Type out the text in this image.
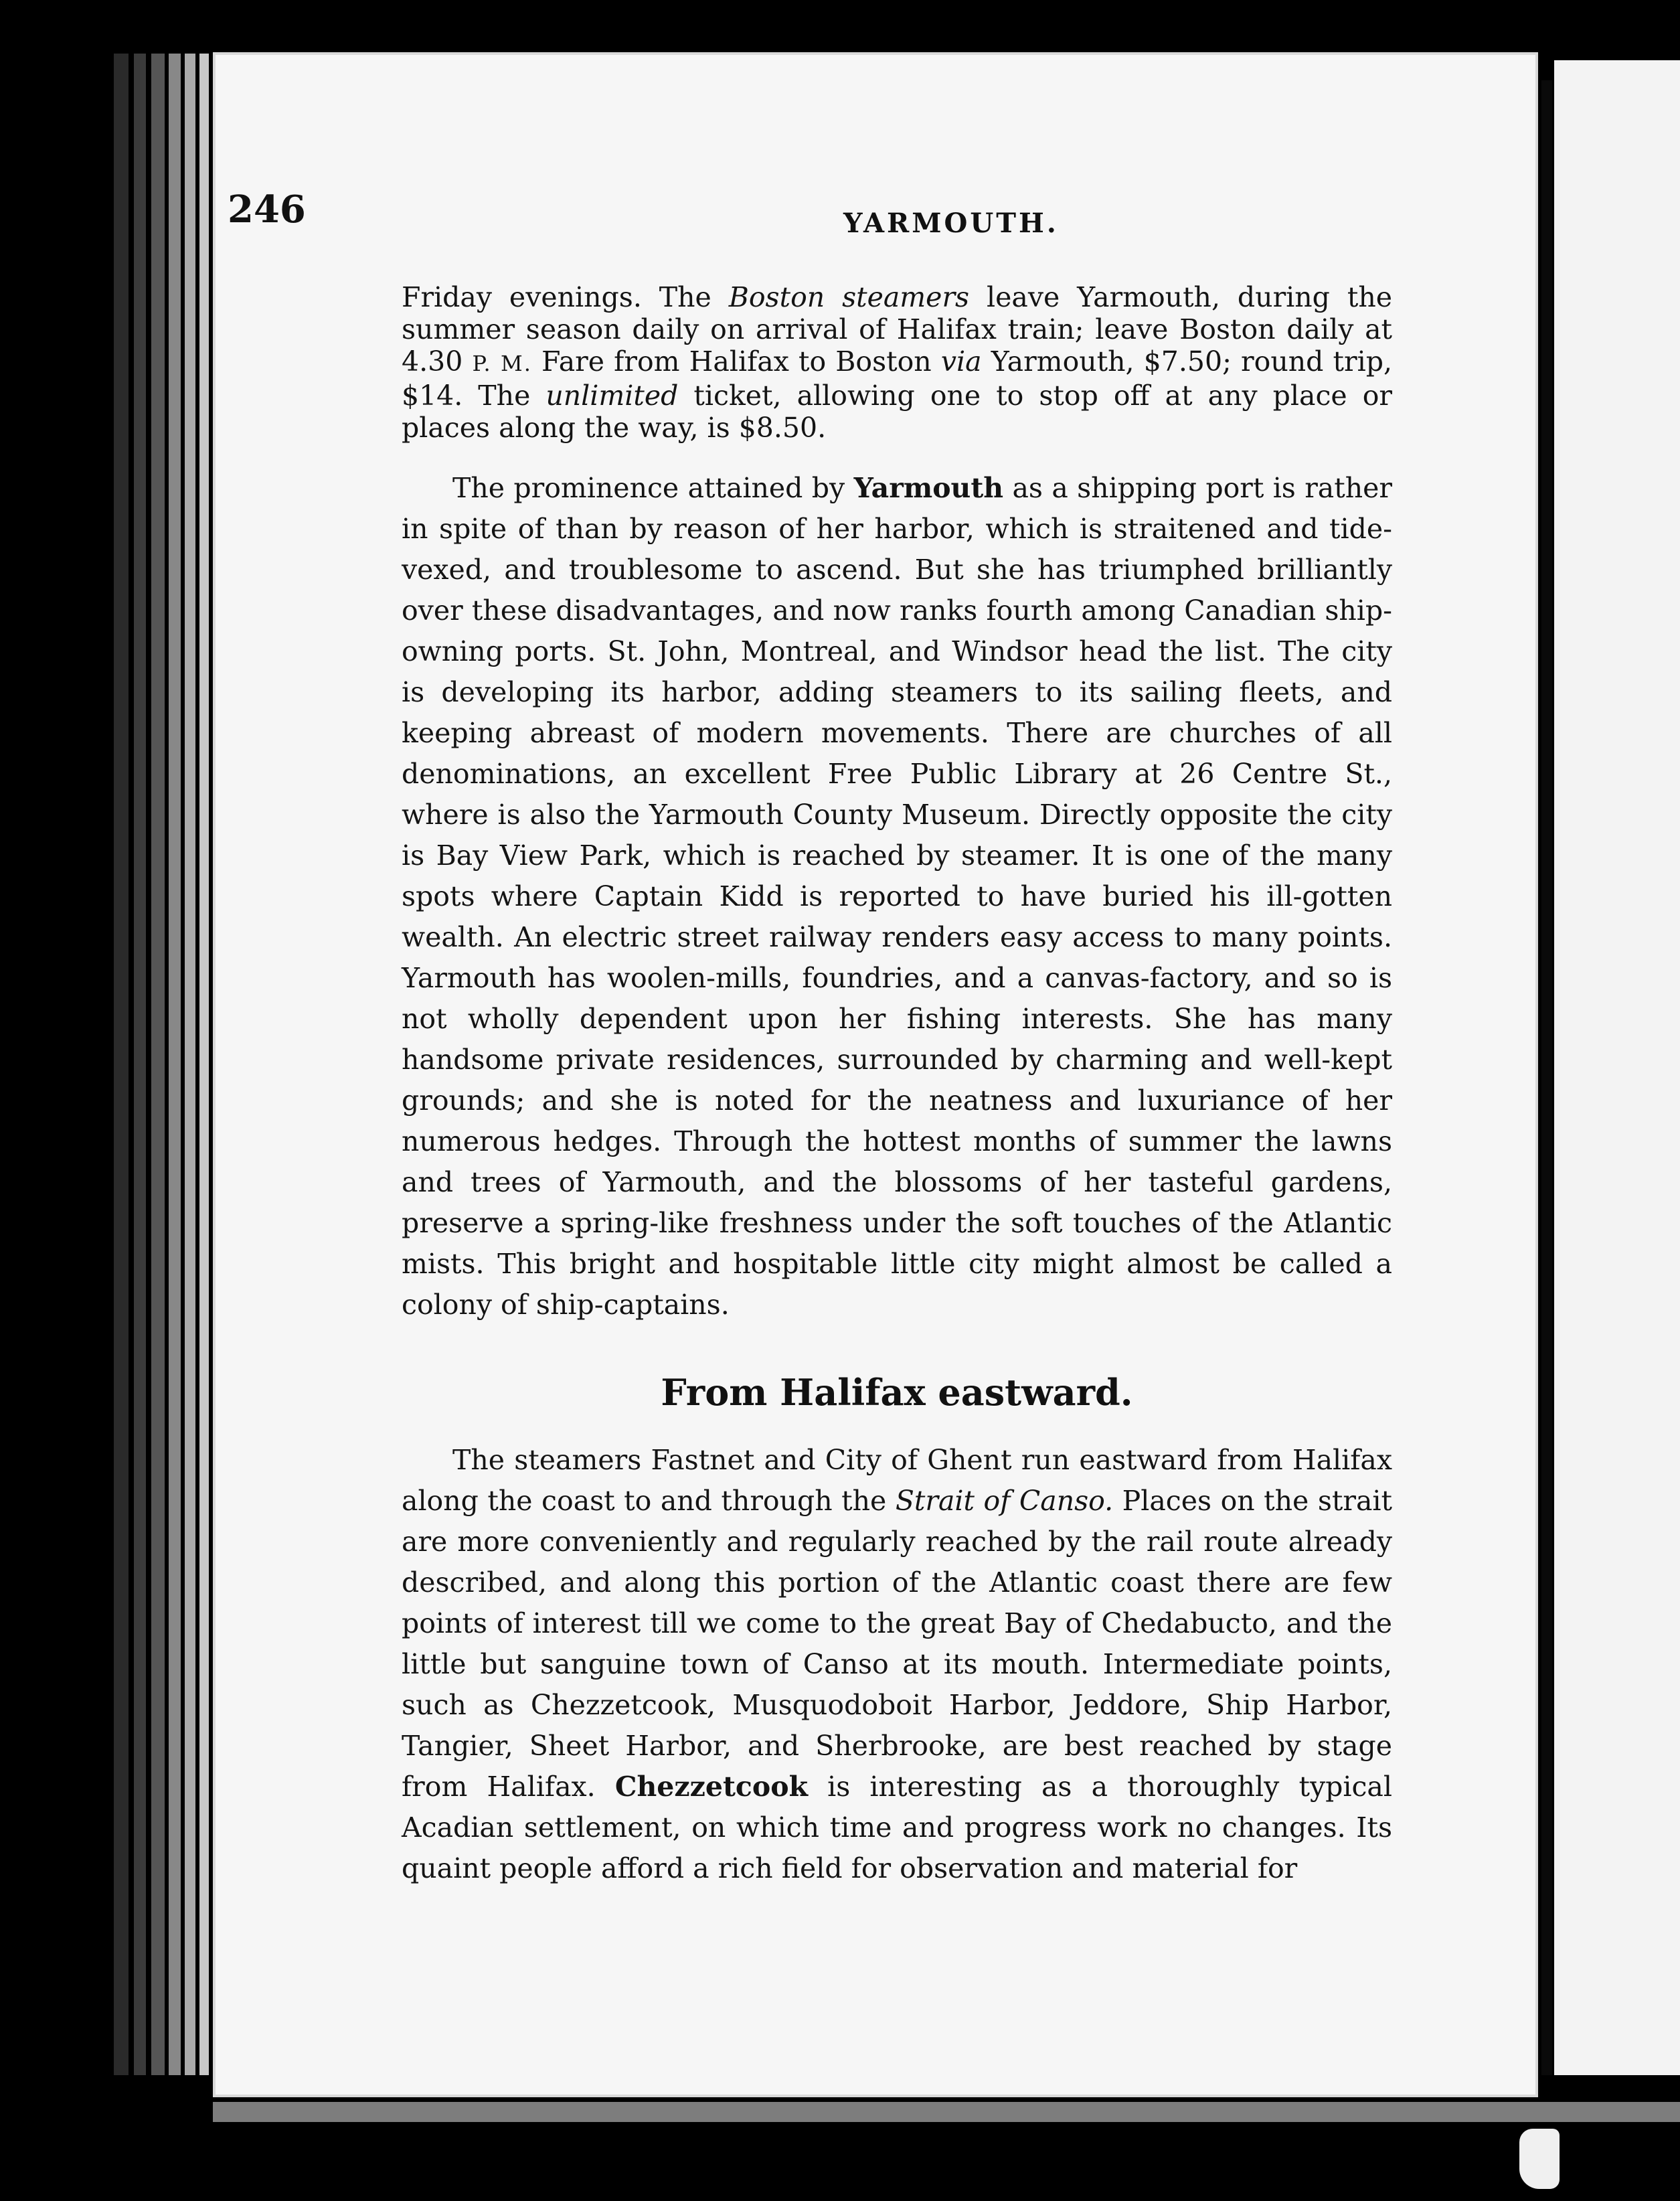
246	YARMOUTH.

Friday evenings. The Boston steamers leave Yarmouth, during the summer season daily on arrival of Halifax train; leave Boston daily at 4.30 P. M. Fare from Halifax to Boston via Yarmouth, $7.50; round trip, $14. The unlimited ticket, allowing one to stop off at any place or places along the way, is $8.50.

The prominence attained by Yarmouth as a shipping port is rather in spite of than by reason of her harbor, which is straitened and tide-vexed, and troublesome to ascend. But she has triumphed brilliantly over these disadvantages, and now ranks fourth among Canadian ship-owning ports. St. John, Montreal, and Windsor head the list. The city is developing its harbor, adding steamers to its sailing fleets, and keeping abreast of modern movements. There are churches of all denominations, an excellent Free Public Library at 26 Centre St., where is also the Yarmouth County Museum. Directly opposite the city is Bay View Park, which is reached by steamer. It is one of the many spots where Captain Kidd is reported to have buried his ill-gotten wealth. An electric street railway renders easy access to many points. Yarmouth has woolen-mills, foundries, and a canvas-factory, and so is not wholly dependent upon her fishing interests. She has many handsome private residences, surrounded by charming and well-kept grounds; and she is noted for the neatness and luxuriance of her numerous hedges. Through the hottest months of summer the lawns and trees of Yarmouth, and the blossoms of her tasteful gardens, preserve a spring-like freshness under the soft touches of the Atlantic mists. This bright and hospitable little city might almost be called a colony of ship-captains.

From Halifax eastward.

The steamers Fastnet and City of Ghent run eastward from Halifax along the coast to and through the Strait of Canso. Places on the strait are more conveniently and regularly reached by the rail route already described, and along this portion of the Atlantic coast there are few points of interest till we come to the great Bay of Chedabucto, and the little but sanguine town of Canso at its mouth. Intermediate points, such as Chezzetcook, Musquodoboit Harbor, Jeddore, Ship Harbor, Tangier, Sheet Harbor, and Sherbrooke, are best reached by stage from Halifax. Chezzetcook is interesting as a thoroughly typical Acadian settlement, on which time and progress work no changes. Its quaint people afford a rich field for observation and material for
